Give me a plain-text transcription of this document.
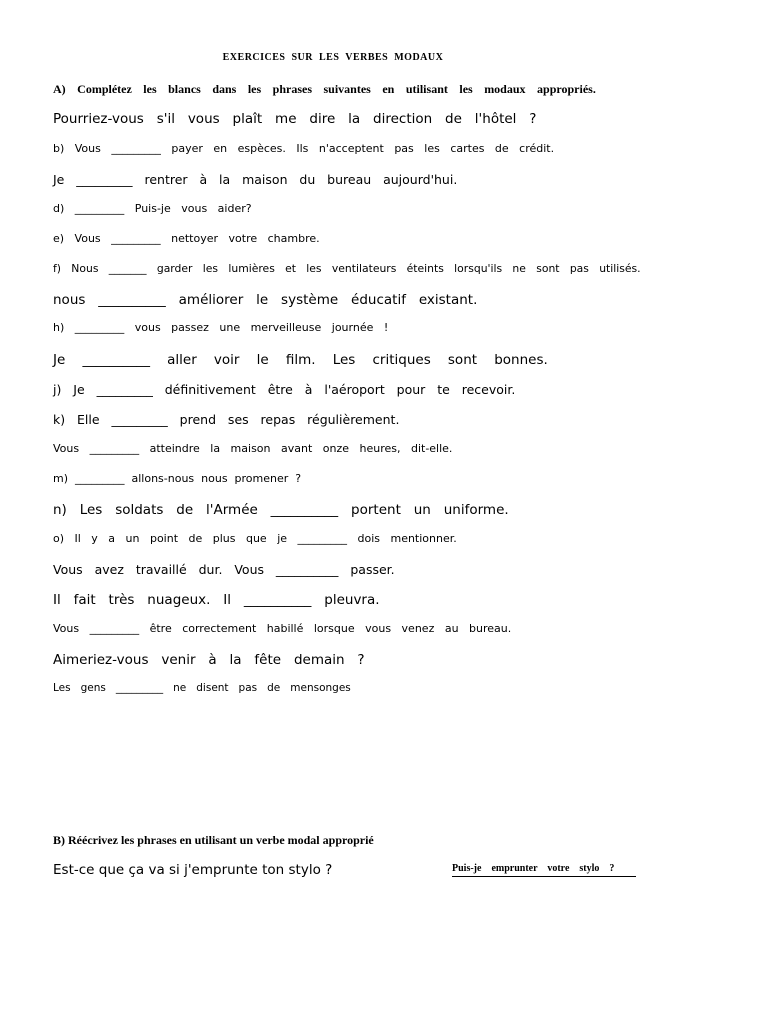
EXERCICES SUR LES VERBES MODAUX
A) Complétez les blancs dans les phrases suivantes en utilisant les modaux appropriés.
Pourriez-vous   s'il   vous   plaît   me   dire   la   direction   de   l'hôtel   ?
b)   Vous   _________   payer   en   espèces.   Ils   n'acceptent   pas   les   cartes   de   crédit.
Je   _________   rentrer   à   la   maison   du   bureau   aujourd'hui.
d)   _________   Puis-je   vous   aider?
e)   Vous   _________   nettoyer   votre   chambre.
f)   Nous   _______   garder   les   lumières   et   les   ventilateurs   éteints   lorsqu'ils   ne   sont   pas   utilisés.
nous   __________   améliorer   le   système   éducatif   existant.
h)   _________   vous   passez   une   merveilleuse   journée   !
Je    __________    aller    voir    le    film.    Les    critiques    sont    bonnes.
j)   Je   _________   définitivement   être   à   l'aéroport   pour   te   recevoir.
k)   Elle   _________   prend   ses   repas   régulièrement.
Vous   _________   atteindre   la   maison   avant   onze   heures,   dit-elle.
m)  _________  allons-nous  nous  promener  ?
n)   Les   soldats   de   l'Armée   __________   portent   un   uniforme.
o)   Il   y   a   un   point   de   plus   que   je   _________   dois   mentionner.
Vous   avez   travaillé   dur.   Vous   __________   passer.
Il   fait   très   nuageux.   Il   __________   pleuvra.
Vous   _________   être   correctement   habillé   lorsque   vous   venez   au   bureau.
Aimeriez-vous   venir   à   la   fête   demain   ?
Les   gens   _________   ne   disent   pas   de   mensonges
B) Réécrivez les phrases en utilisant un verbe modal approprié
Est-ce que ça va si j'emprunte ton stylo ?	Puis-je    emprunter    votre    stylo    ?
